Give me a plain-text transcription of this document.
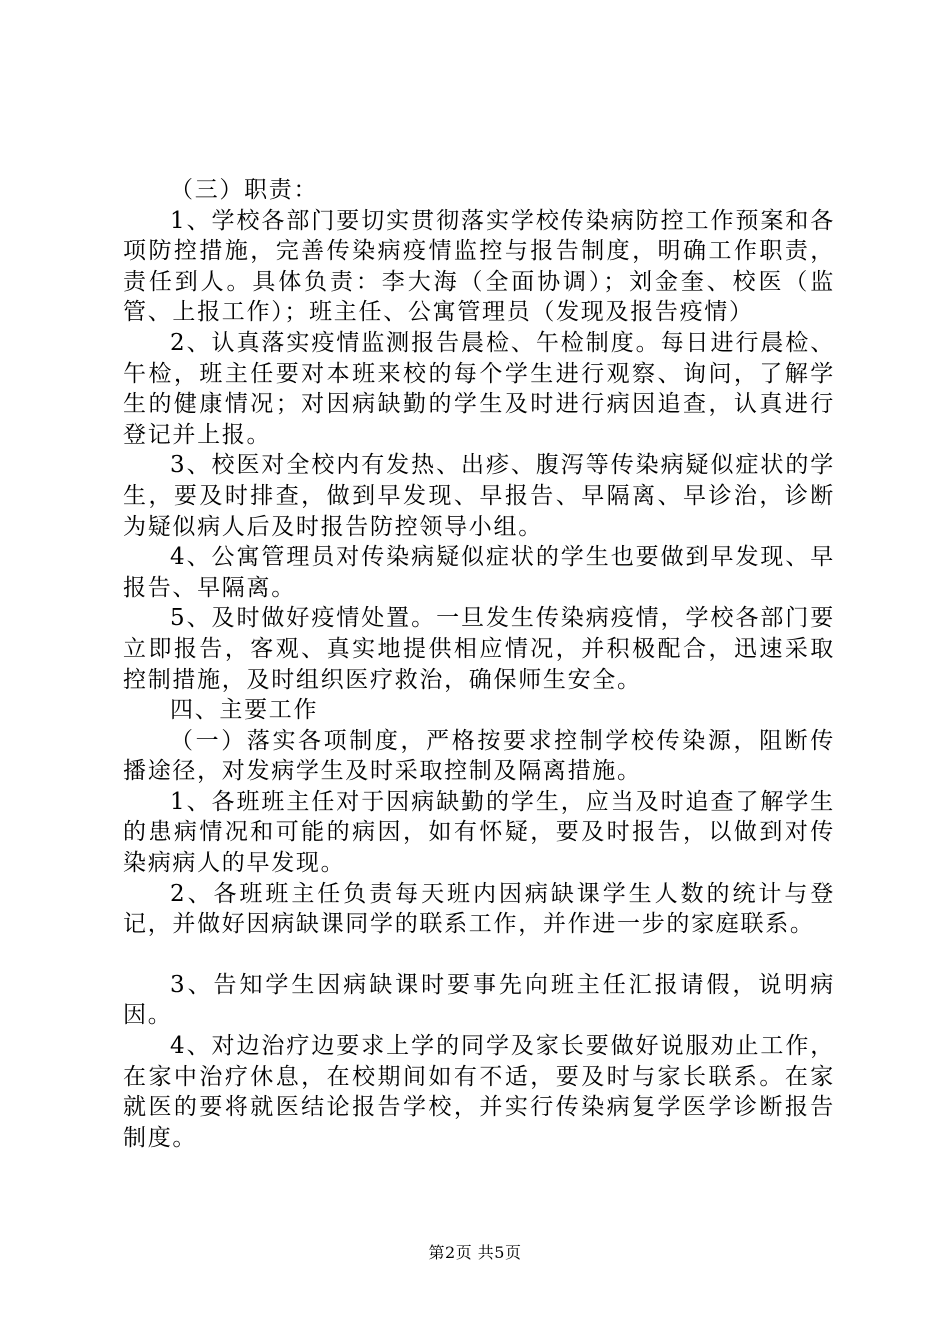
（三）职责：

1、学校各部门要切实贯彻落实学校传染病防控工作预案和各项防控措施，完善传染病疫情监控与报告制度，明确工作职责，责任到人。具体负责：李大海（全面协调）；刘金奎、校医（监管、上报工作）；班主任、公寓管理员（发现及报告疫情）

2、认真落实疫情监测报告晨检、午检制度。每日进行晨检、午检，班主任要对本班来校的每个学生进行观察、询问，了解学生的健康情况；对因病缺勤的学生及时进行病因追查，认真进行登记并上报。

3、校医对全校内有发热、出疹、腹泻等传染病疑似症状的学生，要及时排查，做到早发现、早报告、早隔离、早诊治，诊断为疑似病人后及时报告防控领导小组。

4、公寓管理员对传染病疑似症状的学生也要做到早发现、早报告、早隔离。

5、及时做好疫情处置。一旦发生传染病疫情，学校各部门要立即报告，客观、真实地提供相应情况，并积极配合，迅速采取控制措施，及时组织医疗救治，确保师生安全。

四、主要工作

（一）落实各项制度，严格按要求控制学校传染源，阻断传播途径，对发病学生及时采取控制及隔离措施。

1、各班班主任对于因病缺勤的学生，应当及时追查了解学生的患病情况和可能的病因，如有怀疑，要及时报告，以做到对传染病病人的早发现。

2、各班班主任负责每天班内因病缺课学生人数的统计与登记，并做好因病缺课同学的联系工作，并作进一步的家庭联系。

3、告知学生因病缺课时要事先向班主任汇报请假，说明病因。

4、对边治疗边要求上学的同学及家长要做好说服劝止工作，在家中治疗休息，在校期间如有不适，要及时与家长联系。在家就医的要将就医结论报告学校，并实行传染病复学医学诊断报告制度。

第2页 共5页
